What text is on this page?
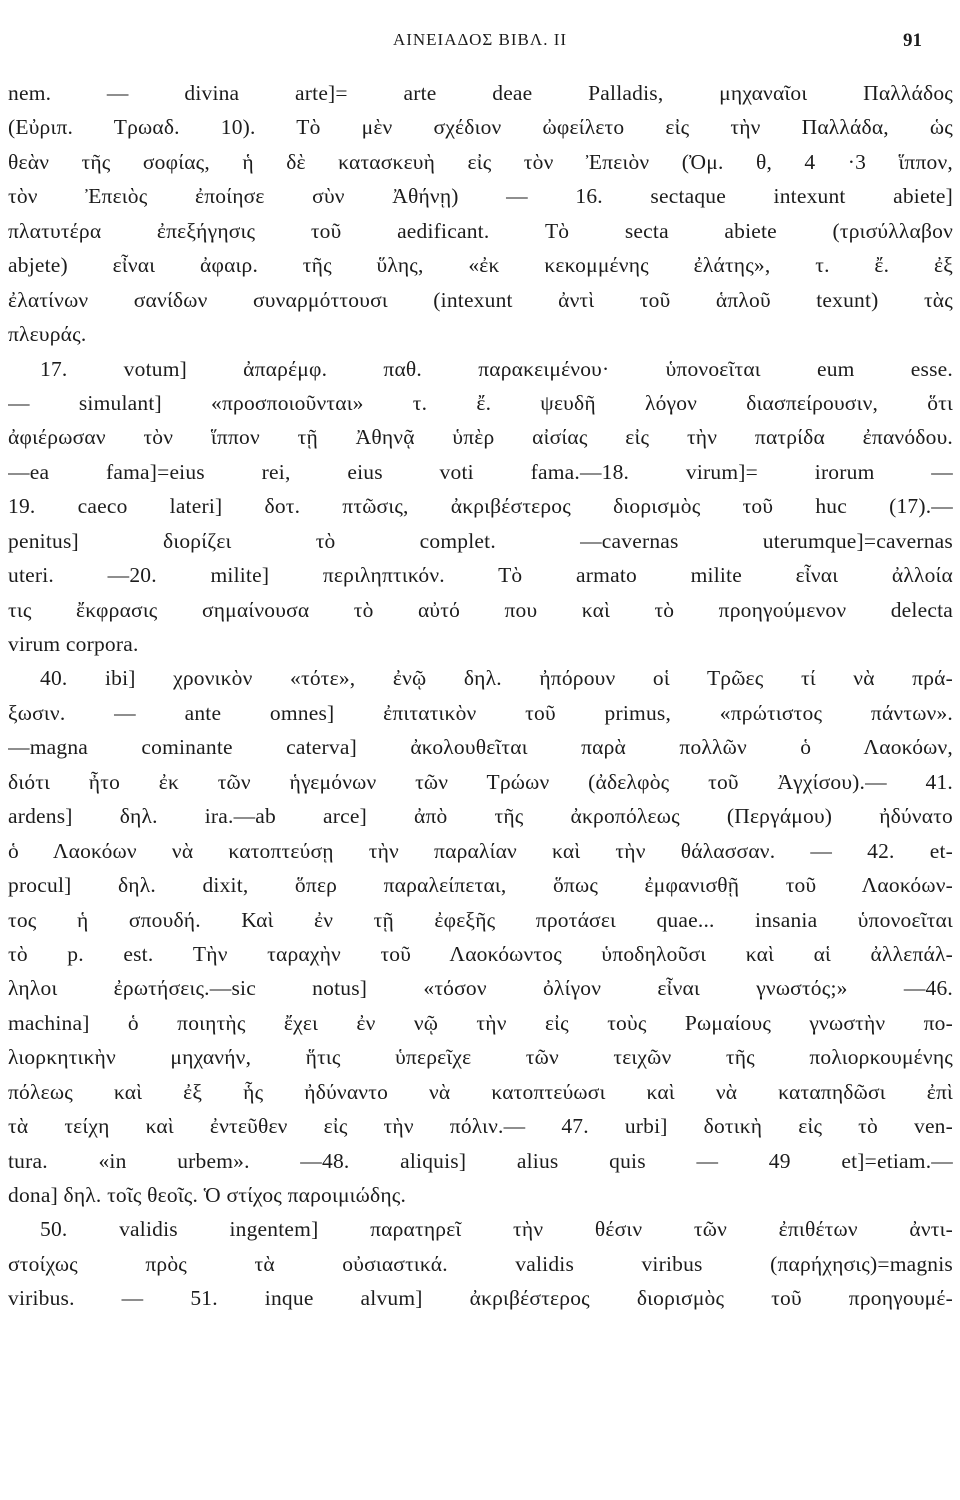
ΑΙΝΕΙΑΔΟΣ ΒΙΒΛ. II	91
nem. — divina arte]= arte deae Palladis, μηχαναῖοι Παλλάδος
(Εὐριπ. Τρωαδ. 10). Τὸ μὲν σχέδιον ὠφείλετο εἰς τὴν Παλλάδα, ὡς
θεὰν τῆς σοφίας, ἡ δὲ κατασκευὴ εἰς τὸν Ἐπειὸν (Ὀμ. θ, 4 ·3 ἵππον,
τὸν Ἐπειὸς ἐποίησε σὺν Ἀθήνῃ) — 16. sectaque intexunt abiete]
πλατυτέρα ἐπεξήγησις τοῦ aedificant. Τὸ secta abiete (τρισύλλαβον
abjete) εἶναι ἀφαιρ. τῆς ὕλης, «ἐκ κεκομμένης ἐλάτης», τ. ἔ. ἐξ
ἐλατίνων σανίδων συναρμόττουσι (intexunt ἀντὶ τοῦ ἁπλοῦ texunt) τὰς
πλευράς.
17. votum] ἀπαρέμφ. παθ. παρακειμένου· ὑπονοεῖται eum esse.
— simulant] «προσποιοῦνται» τ. ἔ. ψευδῆ λόγον διασπείρουσιν, ὅτι
ἀφιέρωσαν τὸν ἵππον τῇ Ἀθηνᾷ ὑπὲρ αἰσίας εἰς τὴν πατρίδα ἐπανόδου.
—ea fama]=eius rei, eius voti fama.—18. virum]= irorum —
19. caeco lateri] δοτ. πτῶσις, ἀκριβέστερος διορισμὸς τοῦ huc (17).—
penitus] διορίζει τὸ complet. —cavernas uterumque]=cavernas
uteri. —20. milite] περιληπτικόν. Τὸ armato milite εἶναι ἀλλοία
τις ἔκφρασις σημαίνουσα τὸ αὐτό που καὶ τὸ προηγούμενον delecta
virum corpora.
40. ibi] χρονικὸν «τότε», ἐνῷ δηλ. ἠπόρουν οἱ Τρῶες τί νὰ πρά-
ξωσιν. — ante omnes] ἐπιτατικὸν τοῦ primus, «πρώτιστος πάντων».
—magna cominante caterva] ἀκολουθεῖται παρὰ πολλῶν ὁ Λαοκόων,
διότι ἦτο ἐκ τῶν ἡγεμόνων τῶν Τρώων (ἀδελφὸς τοῦ Ἀγχίσου).— 41.
ardens] δηλ. ira.—ab arce] ἀπὸ τῆς ἀκροπόλεως (Περγάμου) ἠδύνατο
ὁ Λαοκόων νὰ κατοπτεύσῃ τὴν παραλίαν καὶ τὴν θάλασσαν. — 42. et-
procul] δηλ. dixit, ὅπερ παραλείπεται, ὅπως ἐμφανισθῇ τοῦ Λαοκόων-
τος ἡ σπουδή. Καὶ ἐν τῇ ἐφεξῆς προτάσει quae... insania ὑπονοεῖται
τὸ p. est. Τὴν ταραχὴν τοῦ Λαοκόωντος ὑποδηλοῦσι καὶ αἱ ἀλλεπάλ-
ληλοι ἐρωτήσεις.—sic notus] «τόσον ὀλίγον εἶναι γνωστός;» —46.
machina] ὁ ποιητὴς ἔχει ἐν νῷ τὴν εἰς τοὺς Ρωμαίους γνωστὴν πο-
λιορκητικὴν μηχανήν, ἥτις ὑπερεῖχε τῶν τειχῶν τῆς πολιορκουμένης
πόλεως καὶ ἐξ ἧς ἠδύναντο νὰ κατοπτεύωσι καὶ νὰ καταπηδῶσι ἐπὶ
τὰ τείχη καὶ ἐντεῦθεν εἰς τὴν πόλιν.— 47. urbi] δοτικὴ εἰς τὸ ven-
tura. «in urbem». —48. aliquis] alius quis — 49 et]=etiam.—
dona] δηλ. τοῖς θεοῖς. Ὁ στίχος παροιμιώδης.
50. validis ingentem] παρατηρεῖ τὴν θέσιν τῶν ἐπιθέτων ἀντι-
στοίχως πρὸς τὰ οὐσιαστικά. validis viribus (παρήχησις)=magnis
viribus. — 51. inque alvum] ἀκριβέστερος διορισμὸς τοῦ προηγουμέ-
